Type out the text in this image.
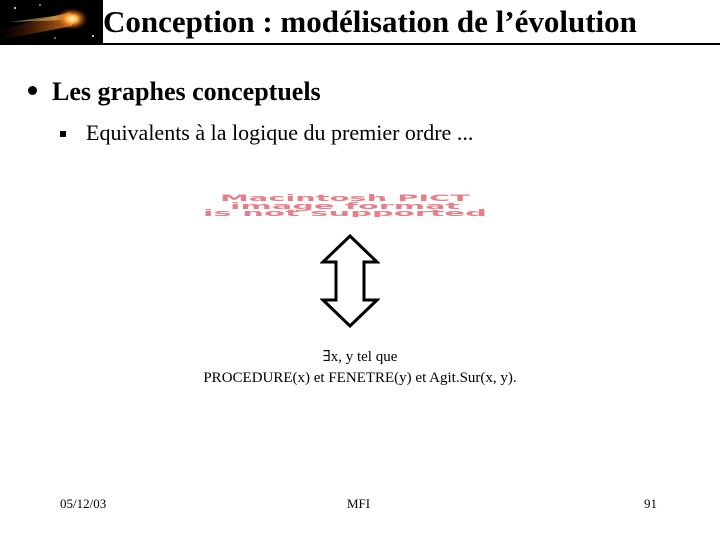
Conception : modélisation de l’évolution
Les graphes conceptuels
Equivalents à la logique du premier ordre ...
Macintosh PICT
image format
is not supported
∃x, y tel que
PROCEDURE(x) et FENETRE(y) et Agit.Sur(x, y).
05/12/03	MFI	91
